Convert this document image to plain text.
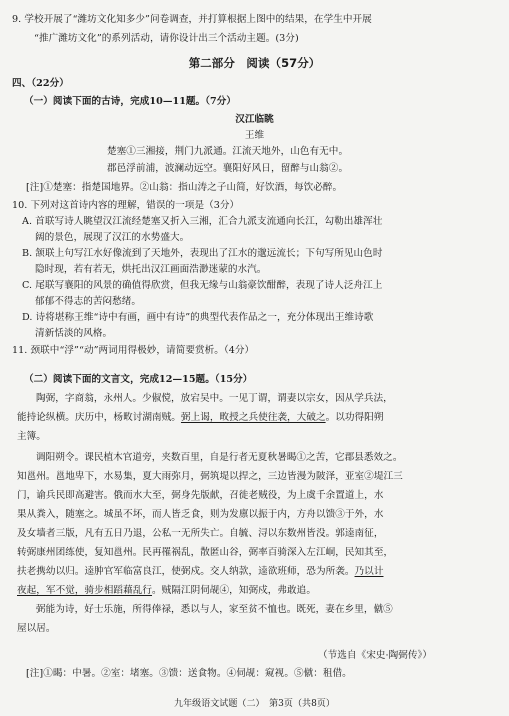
9. 学校开展了“潍坊文化知多少”问卷调查，并打算根据上图中的结果，在学生中开展
“推广潍坊文化”的系列活动，请你设计出三个活动主题。(3分)
第二部分　阅读（57分）
四、（22分）
（一）阅读下面的古诗，完成10—11题。（7分）
汉江临眺
王维
楚塞①三湘接，荆门九派通。江流天地外，山色有无中。
郡邑浮前浦，波澜动远空。襄阳好风日，留醉与山翁②。
[注]①楚塞：指楚国地界。②山翁：指山涛之子山简，好饮酒，每饮必醉。
10. 下列对这首诗内容的理解，错误的一项是（3分）
A. 首联写诗人眺望汉江流经楚塞又折入三湘，汇合九派支流通向长江，勾勒出雄浑壮
阔的景色，展现了汉江的水势盛大。
B. 颔联上句写江水好像流到了天地外，表现出了江水的邈远流长；下句写所见山色时
隐时现，若有若无，烘托出汉江画面浩渺迷蒙的水汽。
C. 尾联写襄阳的风景的确值得欣赏，但我无缘与山翁豪饮酣醉，表现了诗人泛舟江上
郁郁不得志的苦闷愁绪。
D. 诗将堪称王维“诗中有画，画中有诗”的典型代表作品之一，充分体现出王维诗歌
清新恬淡的风格。
11. 颈联中“浮”“动”两词用得极妙，请简要赏析。（4分）
（二）阅读下面的文言文，完成12—15题。（15分）
陶弼，字商翁，永州人。少俶傥，放宕吴中。一见丁谓，谓妻以宗女，因从学兵法，
能持论纵横。庆历中，杨畋讨湖南贼。弼上谒，畋授之兵使往袭，大破之。以功得阳朔
主簿。
调阳朔令。课民植木官道旁，夹数百里，自是行者无夏秋暑暍①之苦，它郡县悉效之。
知邕州。邕地卑下，水易集，夏大雨弥月，弼筑堤以捍之，三边皆漫为陂泽，亚室②堤江三
门，谕兵民即高避害。俄而水大至，弼身先版献，召徙老贼役，为上虞千余置道上，水
果从粪入，随塞之。城虽不坏，而人皆乏食，则为发廪以振于内，方舟以馈③于外，水
及女墙者三版，凡有五日乃退，公私一无所失亡。自毓、浔以东数州皆没。郭逵南征，
转弼康州团练使，复知邕州。民再罹祸乱，散匿山谷，弼率百骑深入左江峒，民知其至，
扶老携幼以归。逵肿官军临富良江，使弼戍。交人纳款，逵欲班师，恐为所袭。乃以计
夜起，军不觉，骑步相蹈藉乱行。贼隔江阴伺觇④，知弼戍，弗敢追。
弼能为诗，好士乐施，所得俸禄，悉以与人，家至贫不恤也。既死，妻在乡里，僦⑤
屋以居。
（节选自《宋史·陶弼传》）
[注]①暍：中暑。②室：堵塞。③馈：送食物。④伺觇：窥视。⑤僦：租借。
九年级语文试题（二）　第3页（共8页）
